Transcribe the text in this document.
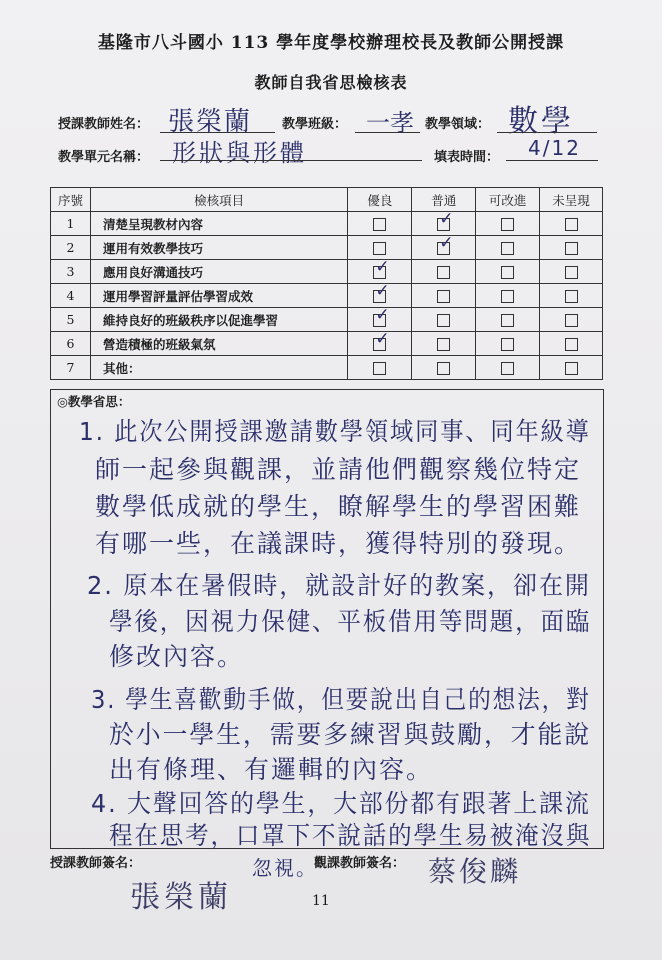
基隆市八斗國小 113 學年度學校辦理校長及教師公開授課
教師自我省思檢核表
授課教師姓名： 張榮蘭 教學班級： 一孝 教學領域： 數學
教學單元名稱： 形狀與形體	填表時間： 4/12
序號	檢核項目	優良	普通	可改進	未呈現
1	清楚呈現教材內容		✓		

2	運用有效教學技巧		✓		

3	應用良好溝通技巧	✓			

4	運用學習評量評估學習成效	✓			

5	維持良好的班級秩序以促進學習	✓			

6	營造積極的班級氣氛	✓			

7	其他：				
◎教學省思：
1. 此次公開授課邀請數學領域同事、同年級導
師一起參與觀課，並請他們觀察幾位特定
數學低成就的學生，瞭解學生的學習困難
有哪一些，在議課時，獲得特別的發現。
2. 原本在暑假時，就設計好的教案，卻在開
學後，因視力保健、平板借用等問題，面臨
修改內容。
3. 學生喜歡動手做，但要說出自己的想法，對
於小一學生，需要多練習與鼓勵，才能說
出有條理、有邏輯的內容。
4. 大聲回答的學生，大部份都有跟著上課流
程在思考，口罩下不說話的學生易被淹沒與
忽視。
授課教師簽名：
張榮蘭
觀課教師簽名： 蔡俊麟
11
